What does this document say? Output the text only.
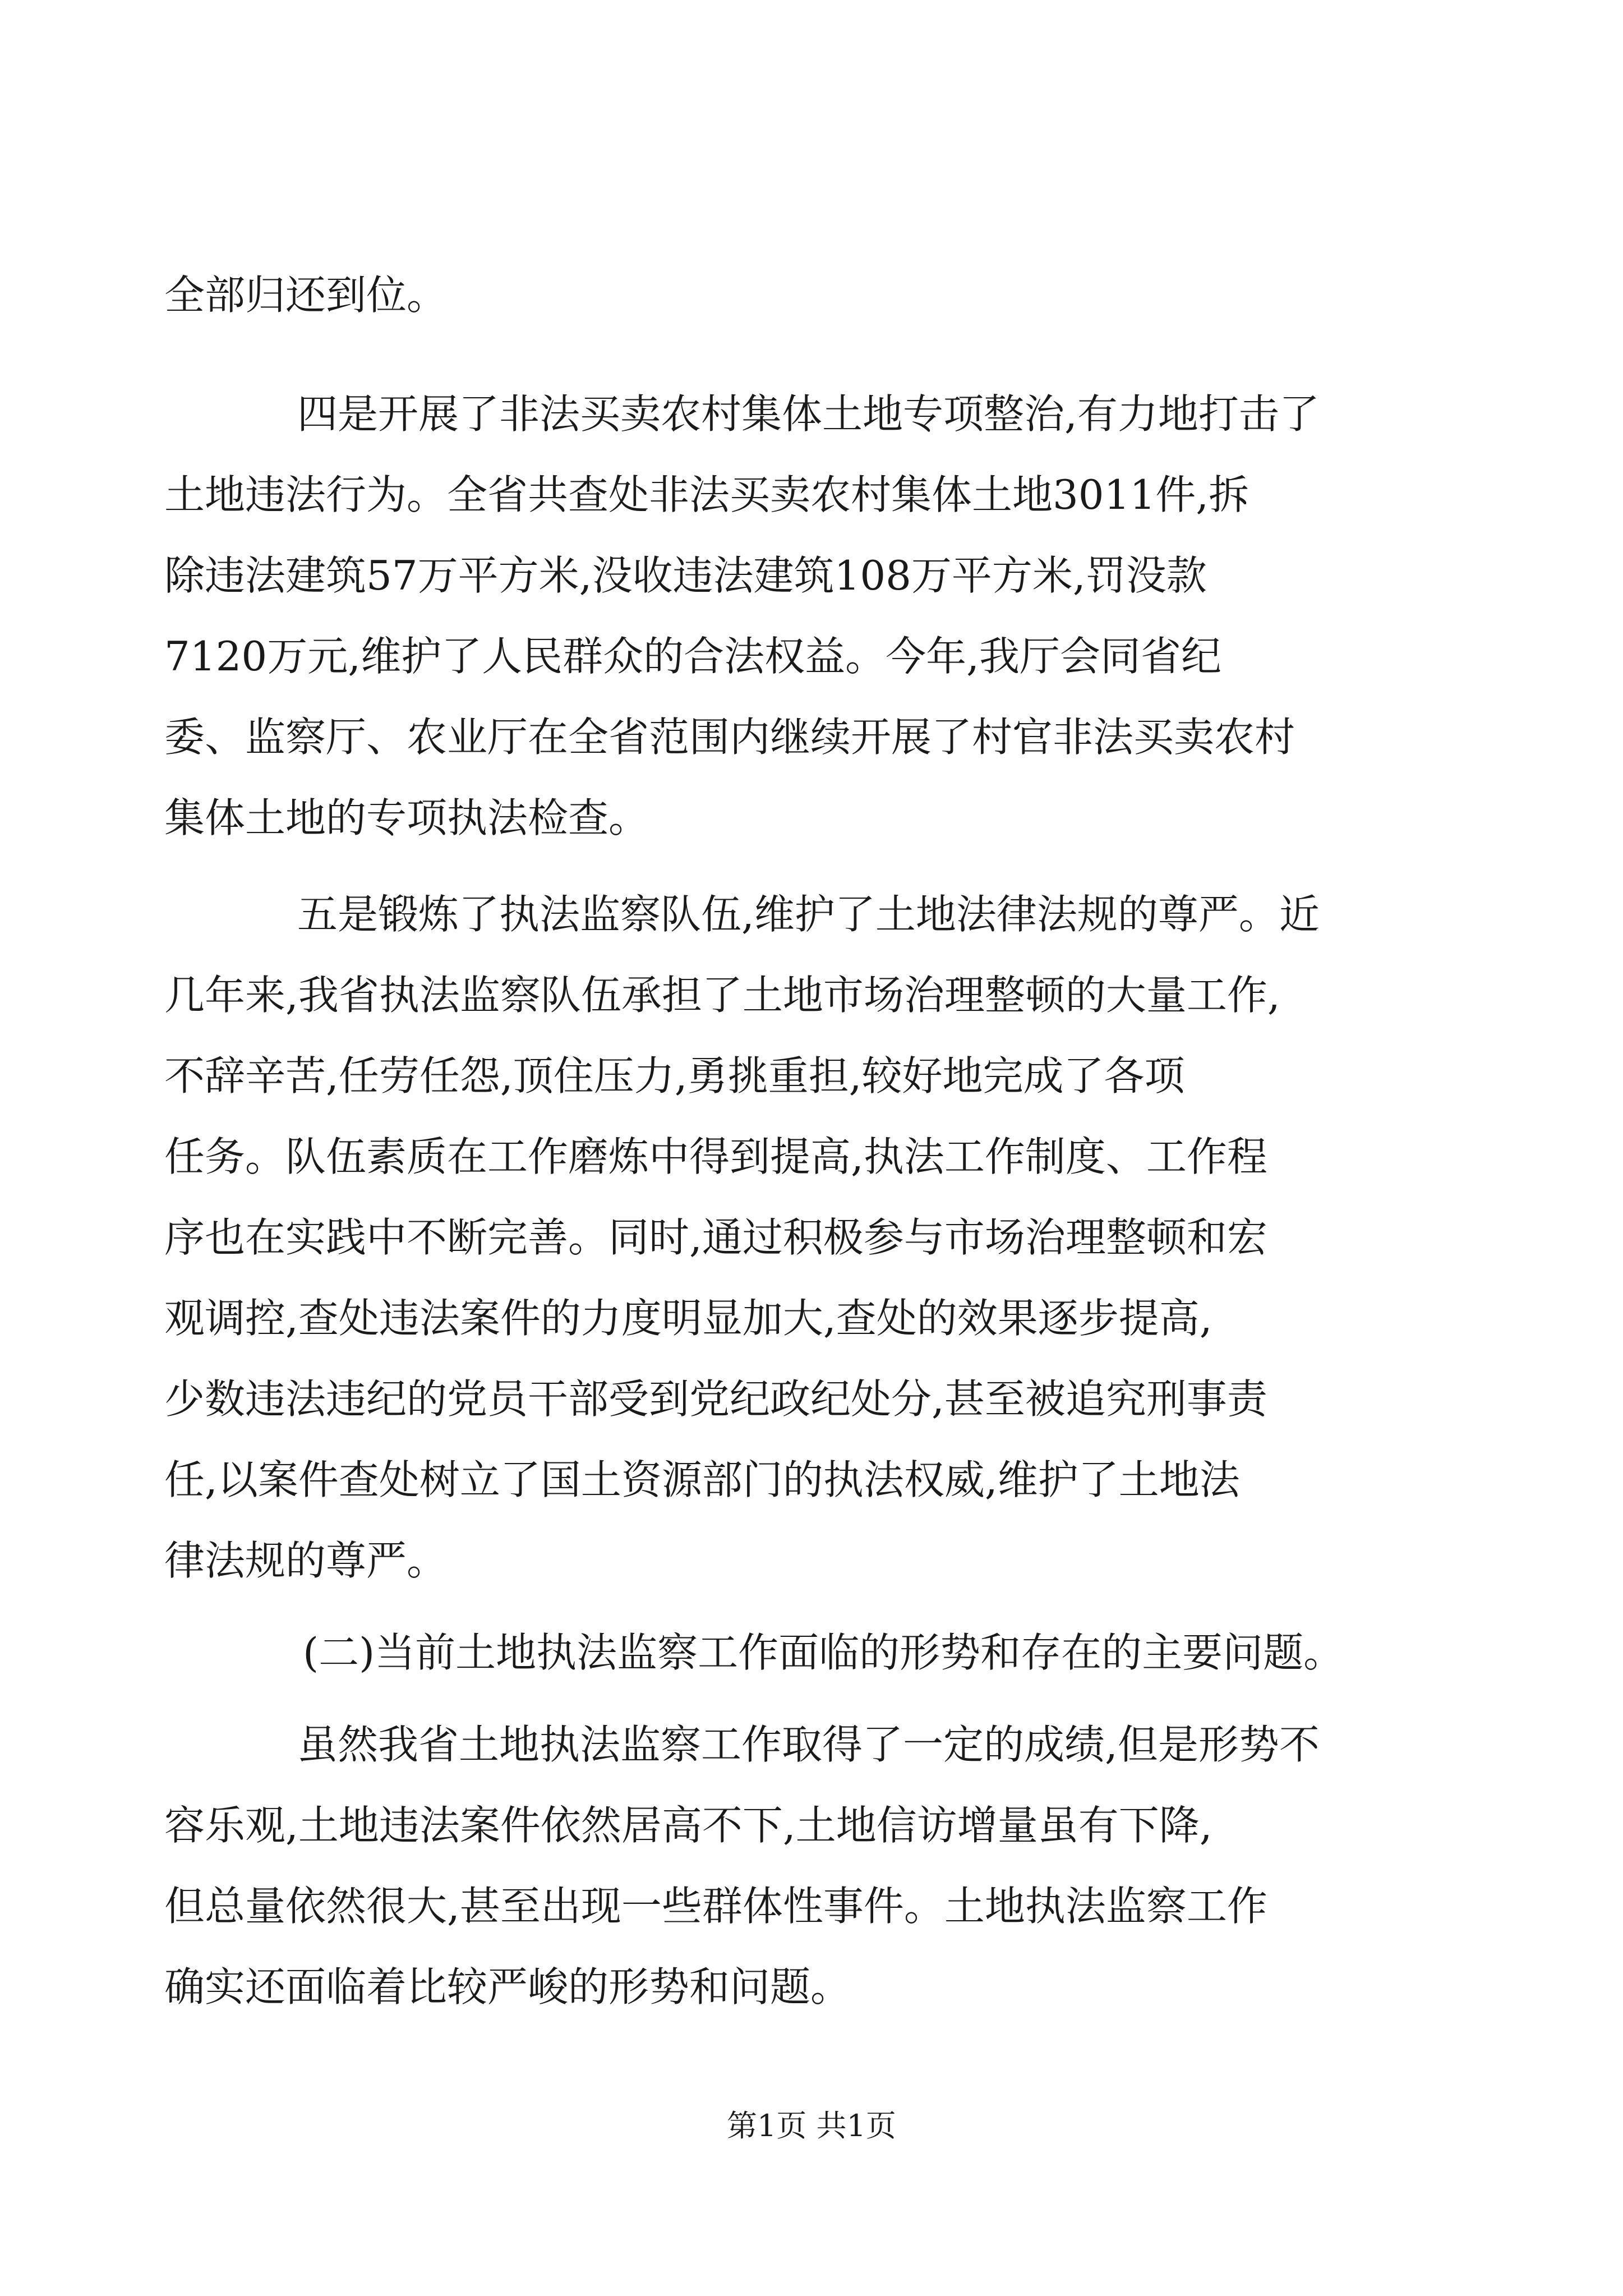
全部归还到位。
四是开展了非法买卖农村集体土地专项整治,有力地打击了
土地违法行为。全省共查处非法买卖农村集体土地3011件,拆
除违法建筑57万平方米,没收违法建筑108万平方米,罚没款
7120万元,维护了人民群众的合法权益。今年,我厅会同省纪
委、监察厅、农业厅在全省范围内继续开展了村官非法买卖农村
集体土地的专项执法检查。
五是锻炼了执法监察队伍,维护了土地法律法规的尊严。近
几年来,我省执法监察队伍承担了土地市场治理整顿的大量工作,
不辞辛苦,任劳任怨,顶住压力,勇挑重担,较好地完成了各项
任务。队伍素质在工作磨炼中得到提高,执法工作制度、工作程
序也在实践中不断完善。同时,通过积极参与市场治理整顿和宏
观调控,查处违法案件的力度明显加大,查处的效果逐步提高,
少数违法违纪的党员干部受到党纪政纪处分,甚至被追究刑事责
任,以案件查处树立了国土资源部门的执法权威,维护了土地法
律法规的尊严。
(二)当前土地执法监察工作面临的形势和存在的主要问题。
虽然我省土地执法监察工作取得了一定的成绩,但是形势不
容乐观,土地违法案件依然居高不下,土地信访增量虽有下降,
但总量依然很大,甚至出现一些群体性事件。土地执法监察工作
确实还面临着比较严峻的形势和问题。
第1页 共1页
